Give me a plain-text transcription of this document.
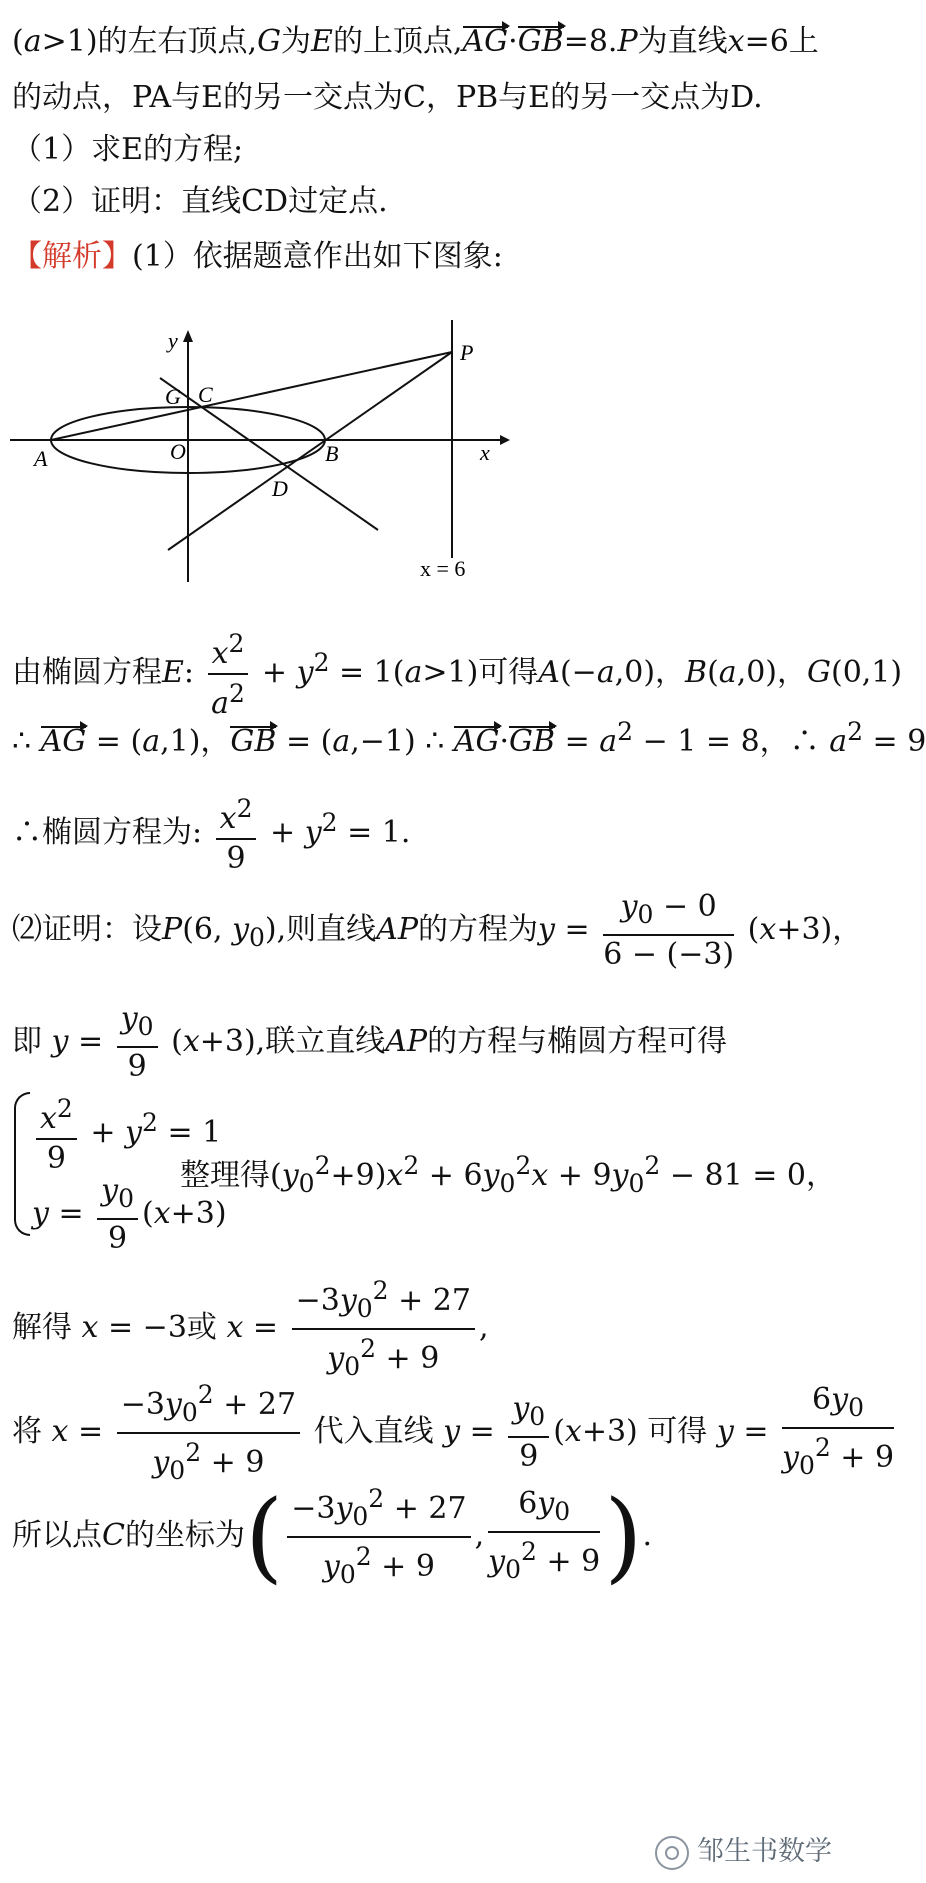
(a>1)的左右顶点,G为E的上顶点,AG·GB=8.P为直线x=6上
的动点，PA与E的另一交点为C，PB与E的另一交点为D.
（1）求E的方程;
（2）证明：直线CD过定点.
【解析】(1）依据题意作出如下图象:
y
x
O
A	B
C
D
G
P
x = 6
由椭圆方程E: $\frac{x^2}{a^2} + y^2 = 1(a>1)$可得A(−a,0)，B(a,0)，G(0,1)
∴ AG = (a,1)，GB = (a,−1) ∴ $AG\cdot GB = a^2 - 1 = 8$，∴ $a^2 = 9$
∴椭圆方程为: $\frac{x^2}{9} + y^2 = 1$.
⑵证明：设P(6, $y_0$),则直线AP的方程为$y = \frac{y_0 - 0}{6 - (-3)} (x+3)$，
即 $y = \frac{y_0}{9} (x+3)$,联立直线AP的方程与椭圆方程可得
$\frac{x^2}{9} + y^2 = 1$
$y = \frac{y_0}{9} (x+3)$
整理得$(y_0^2+9)x^2 + 6y_0^2x + 9y_0^2 - 81 = 0$，
解得 x = −3或 $x = \frac{-3y_0^2 + 27}{y_0^2 + 9}$ ,
将 $x = \frac{-3y_0^2 + 27}{y_0^2 + 9}$ 代入直线 $y = \frac{y_0}{9} (x+3)$ 可得 $y = \frac{6y_0}{y_0^2 + 9}$
所以点C的坐标为( $\frac{-3y_0^2 + 27}{y_0^2 + 9}$ , $\frac{6y_0}{y_0^2 + 9}$ ).
邹生书数学
